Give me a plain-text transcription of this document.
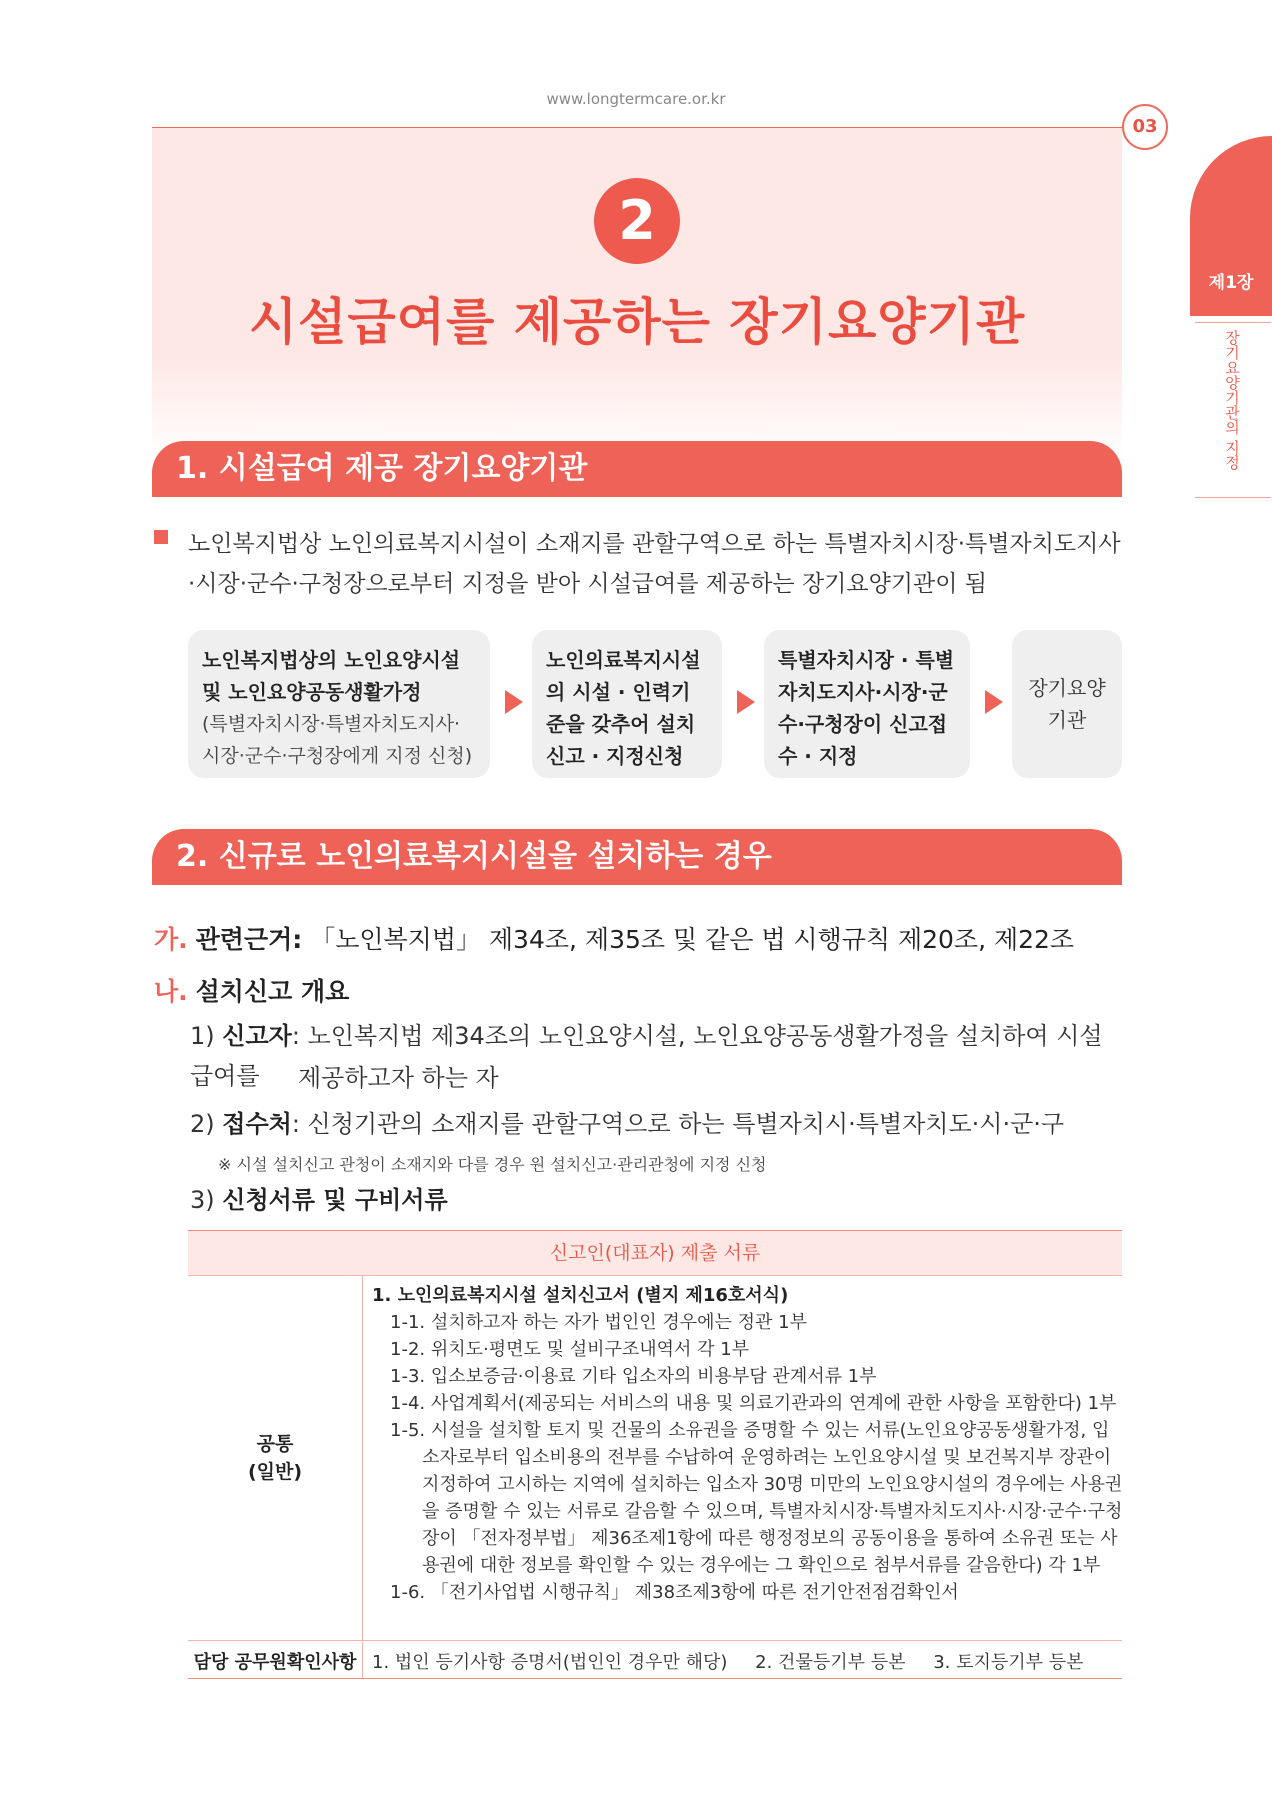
www.longtermcare.or.kr
03
제1장
장기요양기관의 지정
2
시설급여를 제공하는 장기요양기관
1. 시설급여 제공 장기요양기관
노인복지법상 노인의료복지시설이 소재지를 관할구역으로 하는 특별자치시장·특별자치도지사·시장·군수·구청장으로부터 지정을 받아 시설급여를 제공하는 장기요양기관이 됨
노인복지법상의 노인요양시설 및 노인요양공동생활가정
(특별자치시장·특별자치도지사·시장·군수·구청장에게 지정 신청)
노인의료복지시설의 시설 · 인력기준을 갖추어 설치신고 · 지정신청
특별자치시장 · 특별자치도지사·시장·군수·구청장이 신고접수 · 지정
장기요양 기관
2. 신규로 노인의료복지시설을 설치하는 경우
가. 관련근거: 「노인복지법」 제34조, 제35조 및 같은 법 시행규칙 제20조, 제22조
나. 설치신고 개요
1) 신고자: 노인복지법 제34조의 노인요양시설, 노인요양공동생활가정을 설치하여 시설급여를	제공하고자 하는 자
2) 접수처: 신청기관의 소재지를 관할구역으로 하는 특별자치시·특별자치도·시·군·구
※ 시설 설치신고 관청이 소재지와 다를 경우 원 설치신고·관리관청에 지정 신청
3) 신청서류 및 구비서류
신고인(대표자) 제출 서류
공통
(일반)
1. 노인의료복지시설 설치신고서 (별지 제16호서식)
1-1. 설치하고자 하는 자가 법인인 경우에는 정관 1부
1-2. 위치도·평면도 및 설비구조내역서 각 1부
1-3. 입소보증금·이용료 기타 입소자의 비용부담 관계서류 1부
1-4. 사업계획서(제공되는 서비스의 내용 및 의료기관과의 연계에 관한 사항을 포함한다) 1부
1-5. 시설을 설치할 토지 및 건물의 소유권을 증명할 수 있는 서류(노인요양공동생활가정, 입소자로부터 입소비용의 전부를 수납하여 운영하려는 노인요양시설 및 보건복지부 장관이 지정하여 고시하는 지역에 설치하는 입소자 30명 미만의 노인요양시설의 경우에는 사용권을 증명할 수 있는 서류로 갈음할 수 있으며, 특별자치시장·특별자치도지사·시장·군수·구청장이 「전자정부법」 제36조제1항에 따른 행정정보의 공동이용을 통하여 소유권 또는 사용권에 대한 정보를 확인할 수 있는 경우에는 그 확인으로 첨부서류를 갈음한다) 각 1부
1-6. 「전기사업법 시행규칙」 제38조제3항에 따른 전기안전점검확인서
담당 공무원확인사항 1. 법인 등기사항 증명서(법인인 경우만 해당) 2. 건물등기부 등본 3. 토지등기부 등본
